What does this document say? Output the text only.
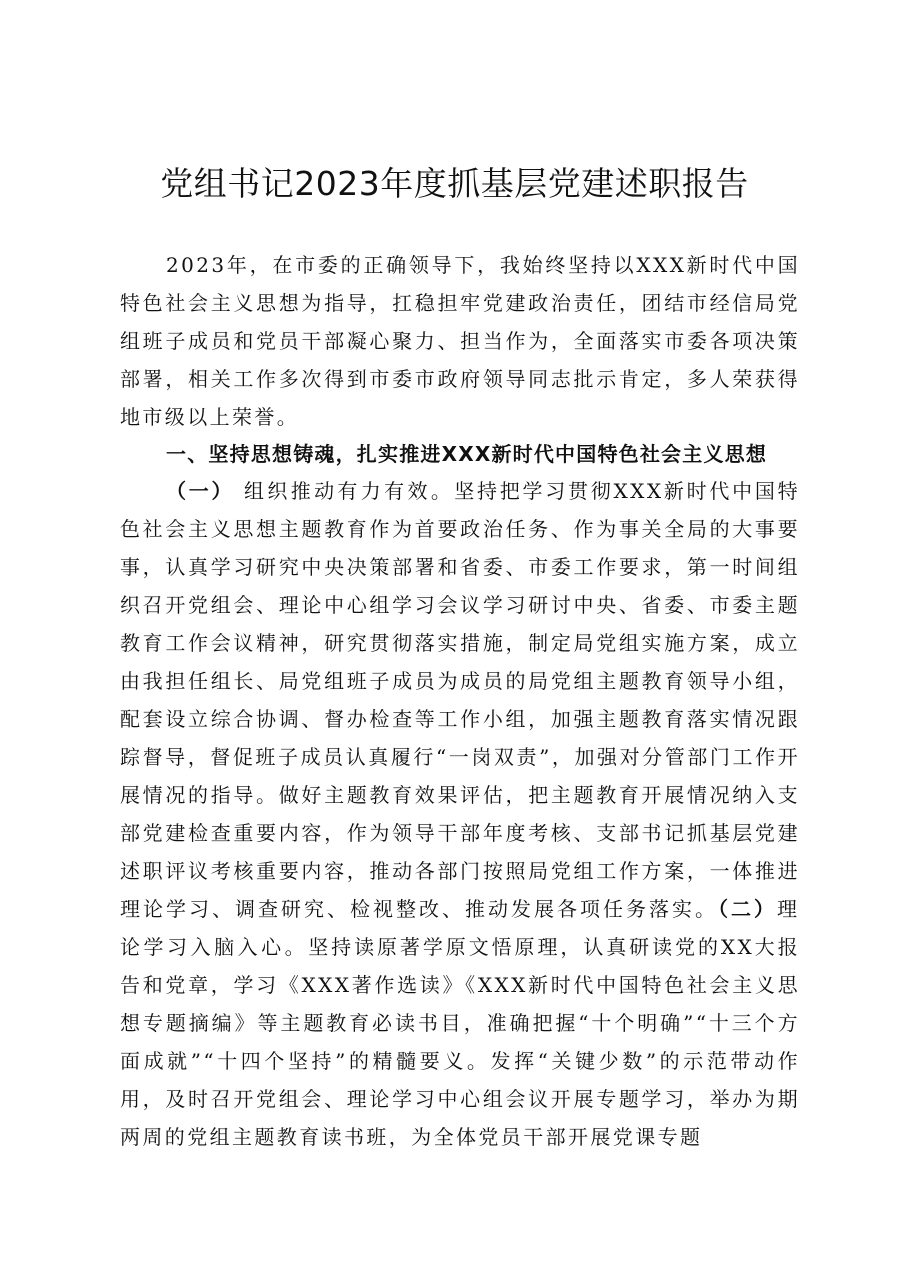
党组书记2023年度抓基层党建述职报告

2023年，在市委的正确领导下，我始终坚持以XXX新时代中国特色社会主义思想为指导，扛稳担牢党建政治责任，团结市经信局党组班子成员和党员干部凝心聚力、担当作为，全面落实市委各项决策部署，相关工作多次得到市委市政府领导同志批示肯定，多人荣获得地市级以上荣誉。

一、坚持思想铸魂，扎实推进XXX新时代中国特色社会主义思想

（一） 组织推动有力有效。坚持把学习贯彻XXX新时代中国特色社会主义思想主题教育作为首要政治任务、作为事关全局的大事要事，认真学习研究中央决策部署和省委、市委工作要求，第一时间组织召开党组会、理论中心组学习会议学习研讨中央、省委、市委主题教育工作会议精神，研究贯彻落实措施，制定局党组实施方案，成立由我担任组长、局党组班子成员为成员的局党组主题教育领导小组，配套设立综合协调、督办检查等工作小组，加强主题教育落实情况跟踪督导，督促班子成员认真履行“一岗双责”，加强对分管部门工作开展情况的指导。做好主题教育效果评估，把主题教育开展情况纳入支部党建检查重要内容，作为领导干部年度考核、支部书记抓基层党建述职评议考核重要内容，推动各部门按照局党组工作方案，一体推进理论学习、调查研究、检视整改、推动发展各项任务落实。（二）理论学习入脑入心。坚持读原著学原文悟原理，认真研读党的XX大报告和党章，学习《XXX著作选读》《XXX新时代中国特色社会主义思想专题摘编》等主题教育必读书目，准确把握“十个明确”“十三个方面成就”“十四个坚持”的精髓要义。发挥“关键少数”的示范带动作用，及时召开党组会、理论学习中心组会议开展专题学习，举办为期两周的党组主题教育读书班，为全体党员干部开展党课专题
